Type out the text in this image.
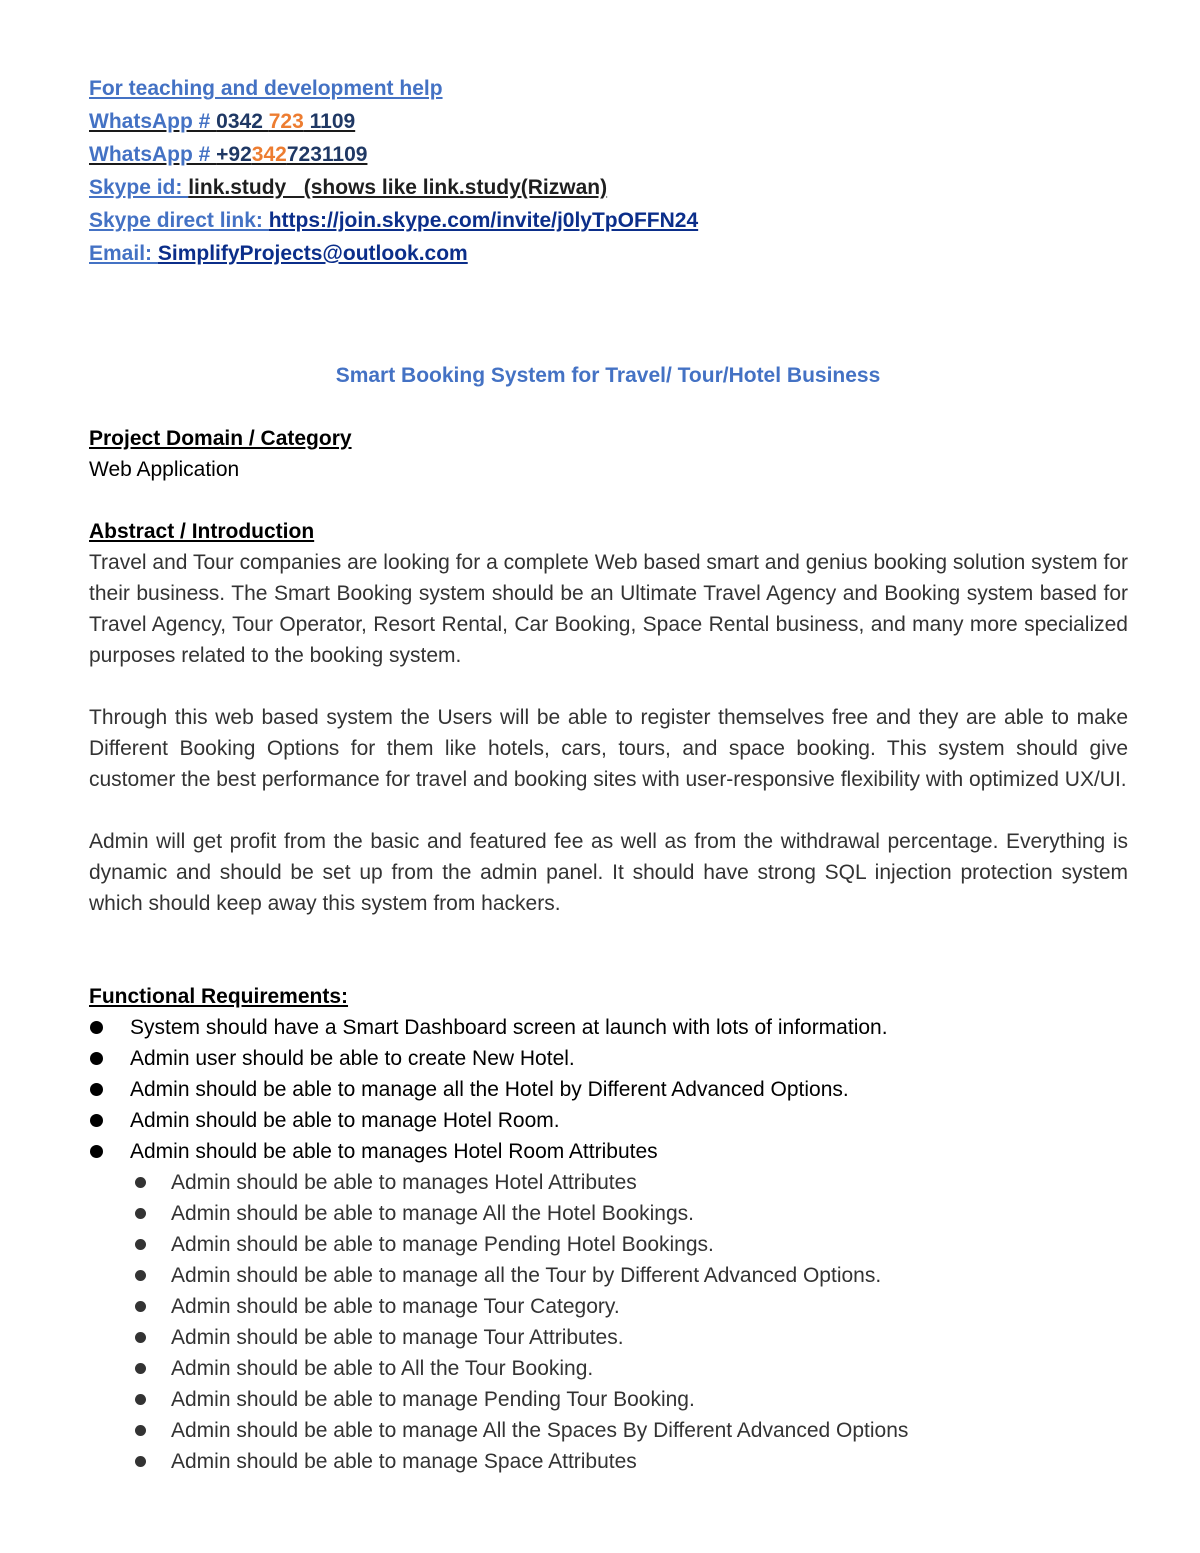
For teaching and development help
WhatsApp # 0342 723 1109
WhatsApp # +923427231109
Skype id: link.study   (shows like link.study(Rizwan)
Skype direct link: https://join.skype.com/invite/j0lyTpOFFN24
Email: SimplifyProjects@outlook.com
Smart Booking System for Travel/ Tour/Hotel Business
Project Domain / Category
Web Application
Abstract / Introduction

Travel and Tour companies are looking for a complete Web based smart and genius booking solution system for their business. The Smart Booking system should be an Ultimate Travel Agency and Booking system based for Travel Agency, Tour Operator, Resort Rental, Car Booking, Space Rental business, and many more specialized purposes related to the booking system.

Through this web based system the Users will be able to register themselves free and they are able to make Different Booking Options for them like hotels, cars, tours, and space booking. This system should give customer the best performance for travel and booking sites with user-responsive flexibility with optimized UX/UI.

Admin will get profit from the basic and featured fee as well as from the withdrawal percentage. Everything is dynamic and should be set up from the admin panel. It should have strong SQL injection protection system which should keep away this system from hackers.

Functional Requirements:
System should have a Smart Dashboard screen at launch with lots of information.
Admin user should be able to create New Hotel.
Admin should be able to manage all the Hotel by Different Advanced Options.
Admin should be able to manage Hotel Room.
Admin should be able to manages Hotel Room Attributes
Admin should be able to manages Hotel Attributes
Admin should be able to manage All the Hotel Bookings.
Admin should be able to manage Pending Hotel Bookings.
Admin should be able to manage all the Tour by Different Advanced Options.
Admin should be able to manage Tour Category.
Admin should be able to manage Tour Attributes.
Admin should be able to All the Tour Booking.
Admin should be able to manage Pending Tour Booking.
Admin should be able to manage All the Spaces By Different Advanced Options
Admin should be able to manage Space Attributes
